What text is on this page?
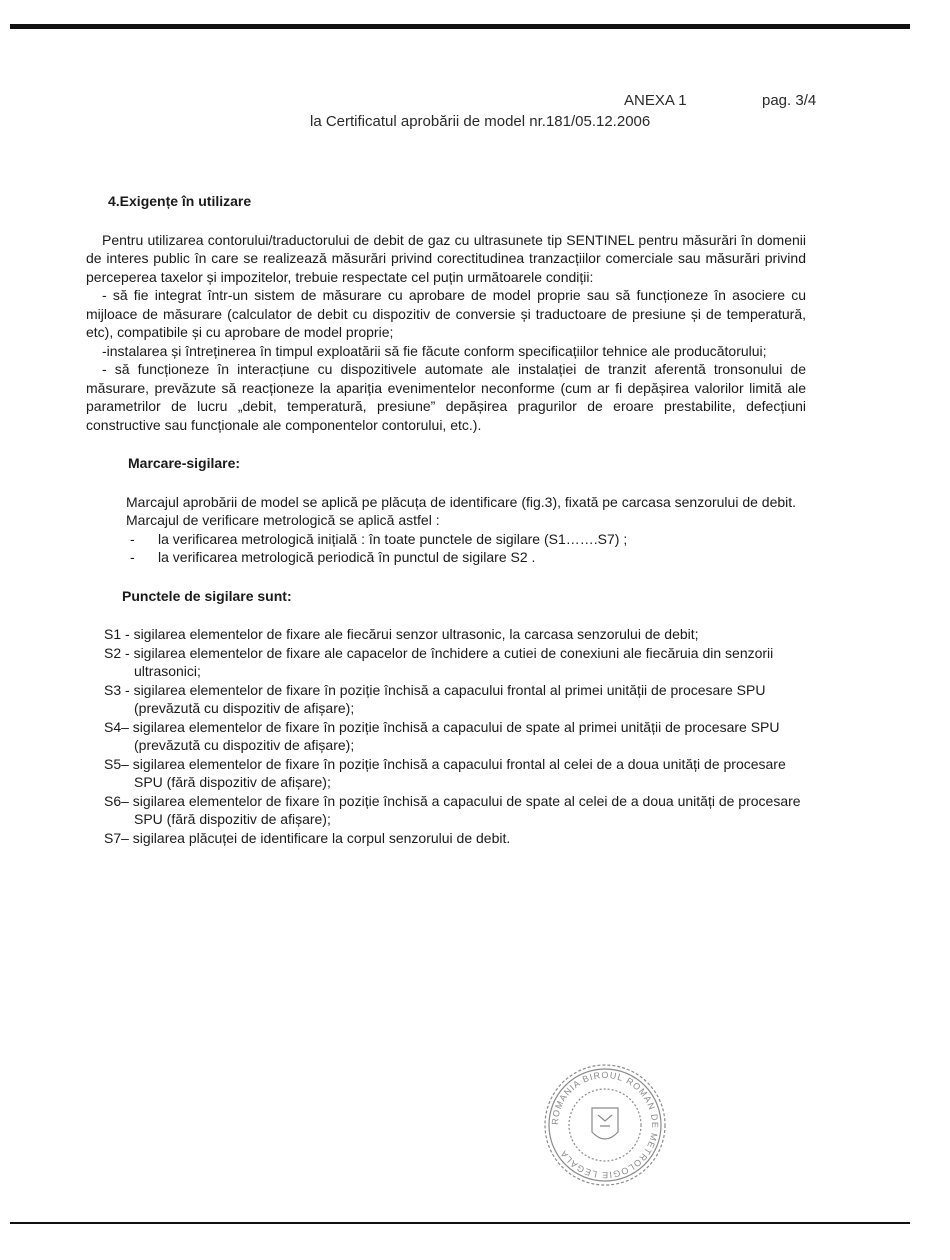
ANEXA 1	pag. 3/4
la Certificatul aprobării de model nr.181/05.12.2006

4.Exigențe în utilizare

Pentru utilizarea contorului/traductorului de debit de gaz cu ultrasunete tip SENTINEL pentru măsurări în domenii de interes public în care se realizează măsurări privind corectitudinea tranzacțiilor comerciale sau măsurări privind perceperea taxelor și impozitelor, trebuie respectate cel puțin următoarele condiții:

- să fie integrat într-un sistem de măsurare cu aprobare de model proprie sau să funcționeze în asociere cu mijloace de măsurare (calculator de debit cu dispozitiv de conversie și traductoare de presiune și de temperatură, etc), compatibile și cu aprobare de model proprie;

-instalarea și întreținerea în timpul exploatării să fie făcute conform specificațiilor tehnice ale producătorului;

- să funcționeze în interacțiune cu dispozitivele automate ale instalației de tranzit aferentă tronsonului de măsurare, prevăzute să reacționeze la apariția evenimentelor neconforme (cum ar fi depășirea valorilor limită ale parametrilor de lucru „debit, temperatură, presiune” depășirea pragurilor de eroare prestabilite, defecțiuni constructive sau funcționale ale componentelor contorului, etc.).

Marcare-sigilare:

Marcajul aprobării de model se aplică pe plăcuța de identificare (fig.3), fixată pe carcasa senzorului de debit.

Marcajul de verificare metrologică se aplică astfel :

- la verificarea metrologică inițială : în toate punctele de sigilare (S1…….S7) ;
- la verificarea metrologică periodică în punctul de sigilare S2 .

Punctele de sigilare sunt:

S1 - sigilarea elementelor de fixare ale fiecărui senzor ultrasonic, la carcasa senzorului de debit;
S2 - sigilarea elementelor de fixare ale capacelor de închidere a cutiei de conexiuni ale fiecăruia din senzorii ultrasonici;
S3 - sigilarea elementelor de fixare în poziție închisă a capacului frontal al primei unității de procesare SPU (prevăzută cu dispozitiv de afișare);
S4– sigilarea elementelor de fixare în poziție închisă a capacului de spate al primei unității de procesare SPU (prevăzută cu dispozitiv de afișare);
S5– sigilarea elementelor de fixare în poziție închisă a capacului frontal al celei de a doua unități de procesare SPU (fără dispozitiv de afișare);
S6– sigilarea elementelor de fixare în poziție închisă a capacului de spate al celei de a doua unități de procesare SPU (fără dispozitiv de afișare);
S7– sigilarea plăcuței de identificare la corpul senzorului de debit.
ROMANIA BIROUL ROMAN DE METROLOGIE LEGALA
